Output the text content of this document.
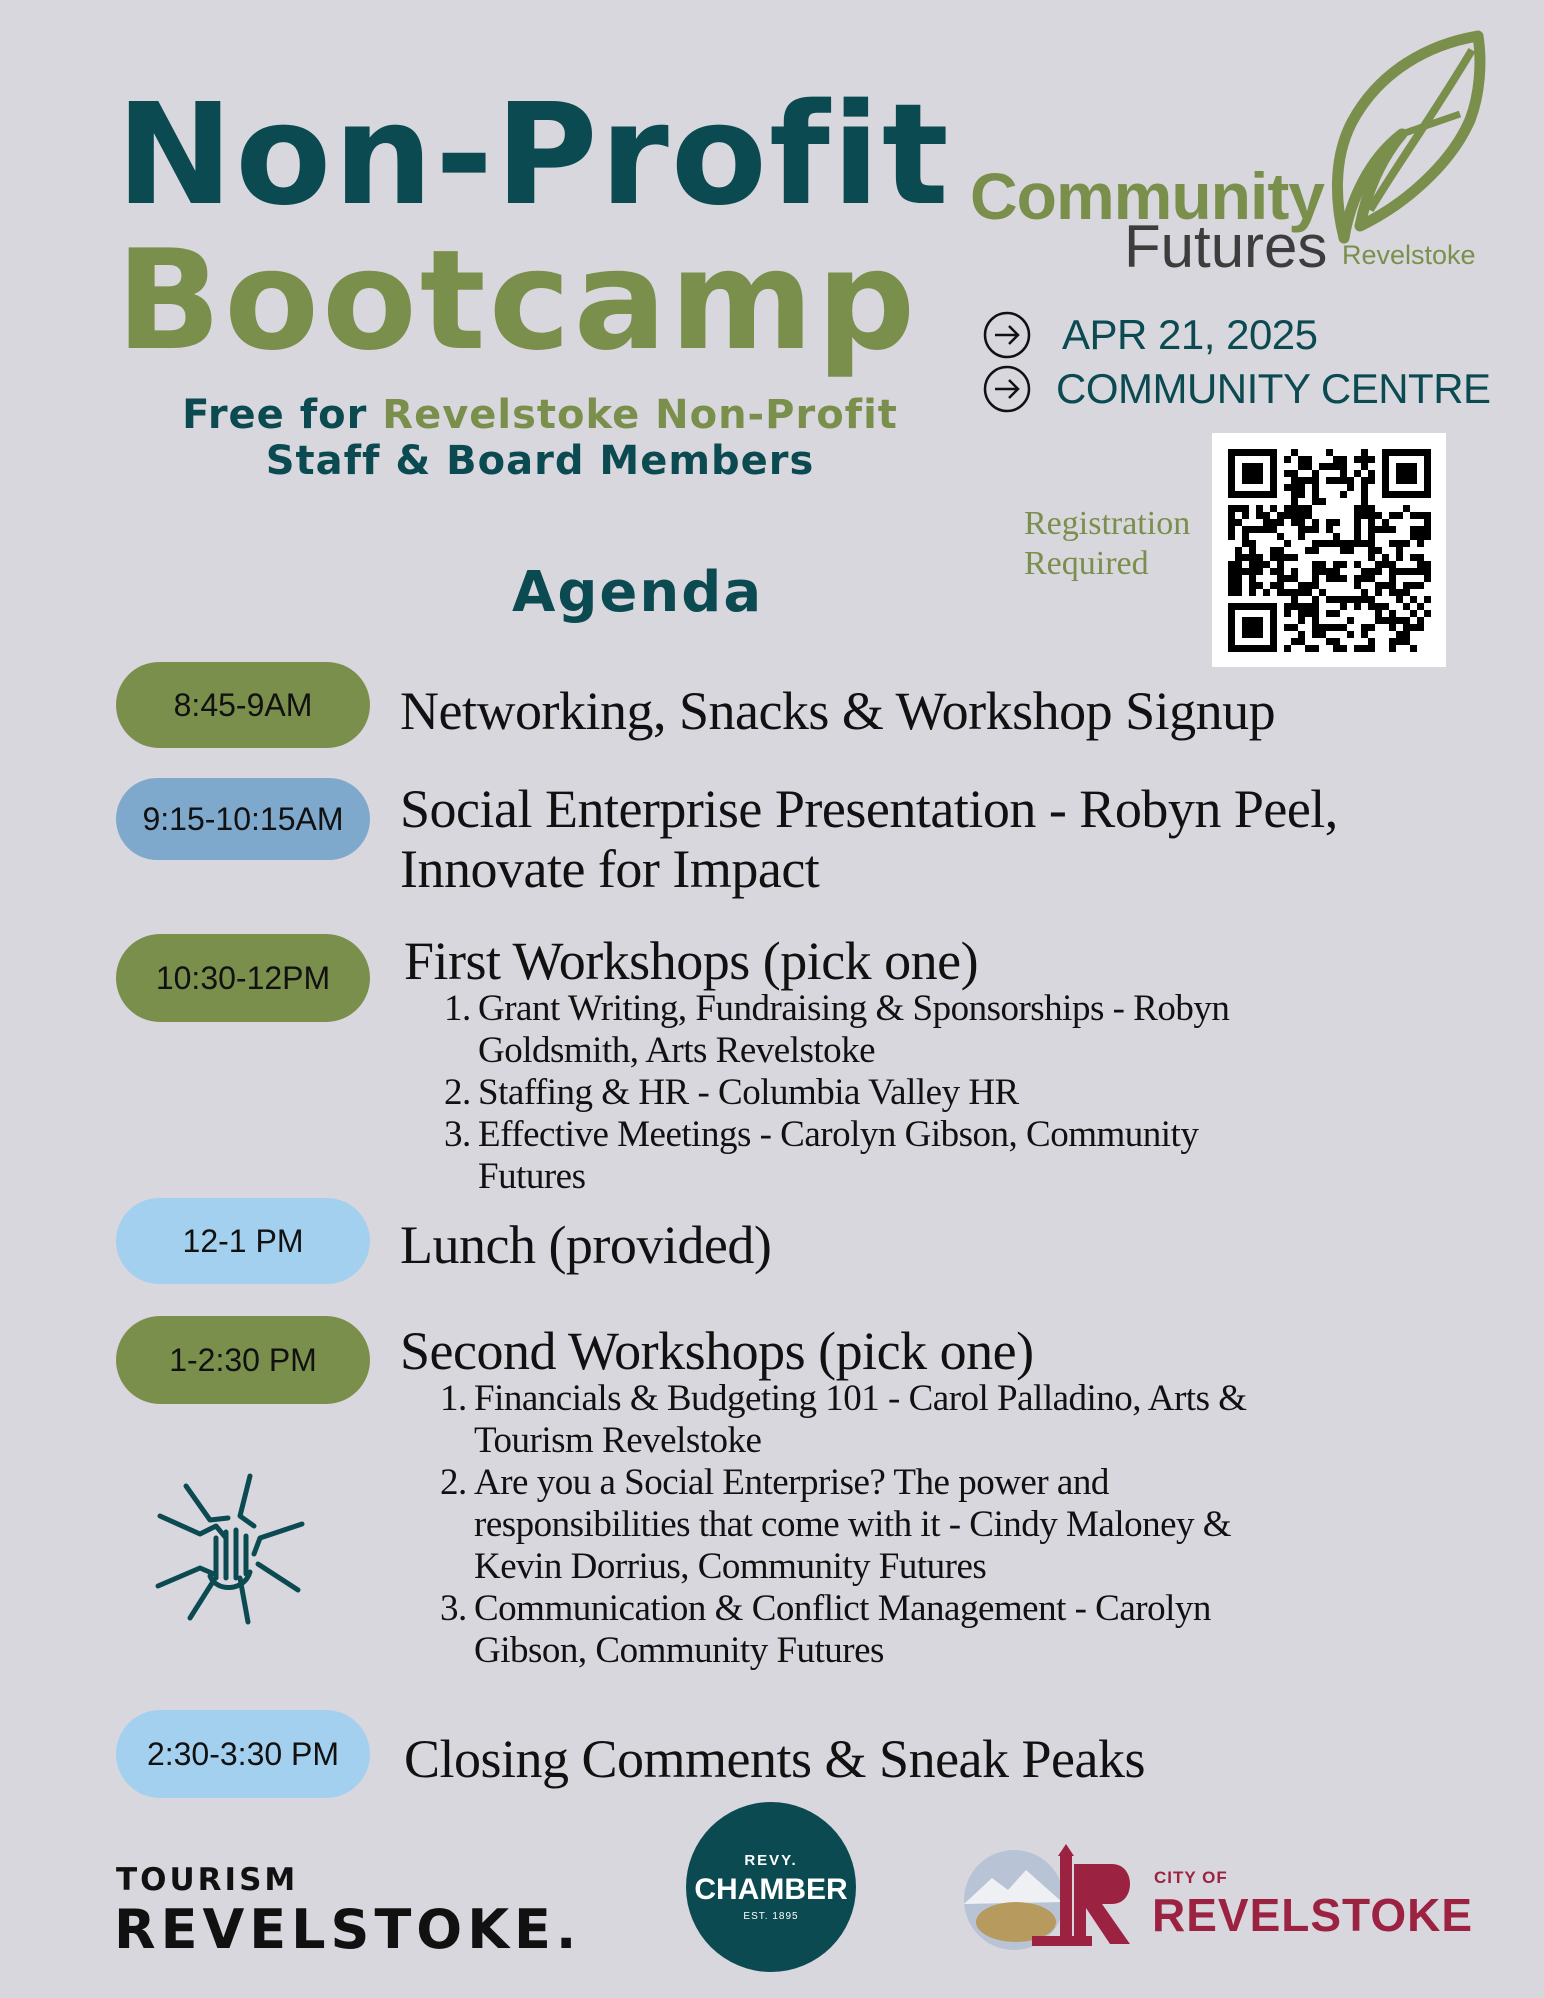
Non-Profit
Bootcamp
Free for Revelstoke Non-Profit
Staff & Board Members
Community
Futures Revelstoke
APR 21, 2025
COMMUNITY CENTRE
Registration
Required
Agenda
8:45-9AM	Networking, Snacks & Workshop Signup
9:15-10:15AM	Social Enterprise Presentation - Robyn Peel,
Innovate for Impact
10:30-12PM	First Workshops (pick one)
1. Grant Writing, Fundraising & Sponsorships - Robyn
Goldsmith, Arts Revelstoke
2. Staffing & HR - Columbia Valley HR
3. Effective Meetings - Carolyn Gibson, Community
Futures
12-1 PM	Lunch (provided)
1-2:30 PM	Second Workshops (pick one)
1. Financials & Budgeting 101 - Carol Palladino, Arts &
Tourism Revelstoke
2. Are you a Social Enterprise? The power and
responsibilities that come with it - Cindy Maloney &
Kevin Dorrius, Community Futures
3. Communication & Conflict Management - Carolyn
Gibson, Community Futures
2:30-3:30 PM	Closing Comments & Sneak Peaks
TOURISM
REVELSTOKE.
REVY.
CHAMBER
EST. 1895
CITY OF
REVELSTOKE
